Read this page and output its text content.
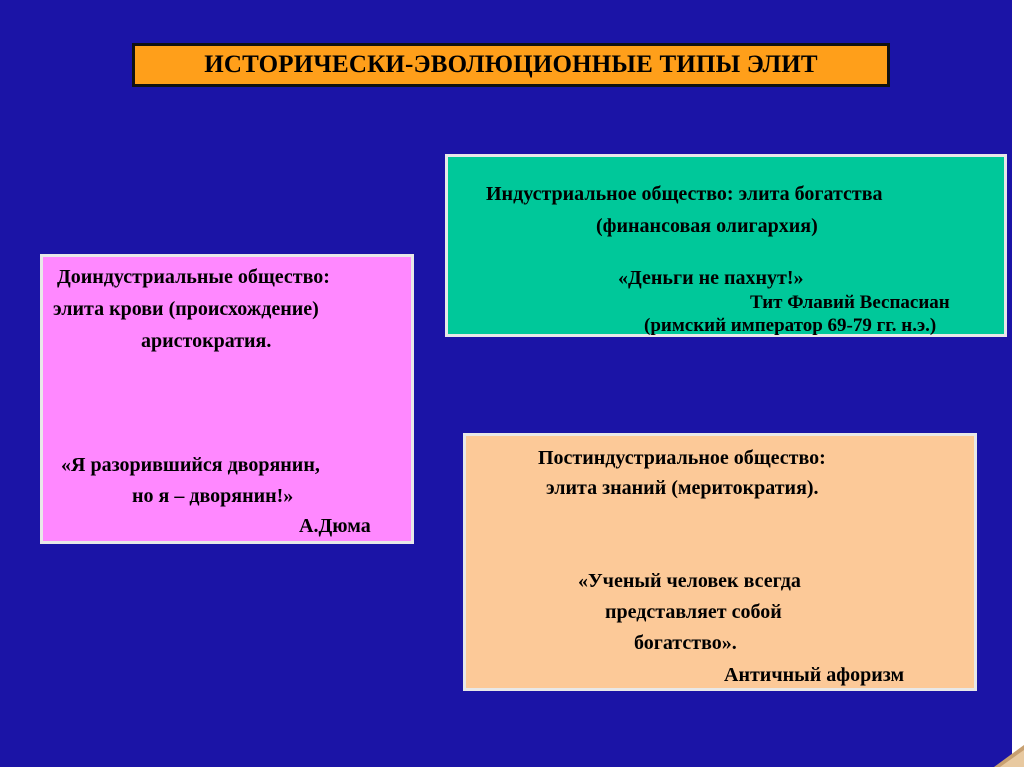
ИСТОРИЧЕСКИ-ЭВОЛЮЦИОННЫЕ ТИПЫ ЭЛИТ
Индустриальное общество: элита богатства
(финансовая олигархия)
«Деньги не пахнут!»
Тит Флавий Веспасиан
(римский император 69-79 гг. н.э.)
Доиндустриальные общество:
элита крови (происхождение)
аристократия.
«Я разорившийся дворянин,
но я – дворянин!»
А.Дюма
Постиндустриальное общество:
элита знаний (меритократия).
«Ученый человек всегда
представляет собой
богатство».
Античный афоризм
